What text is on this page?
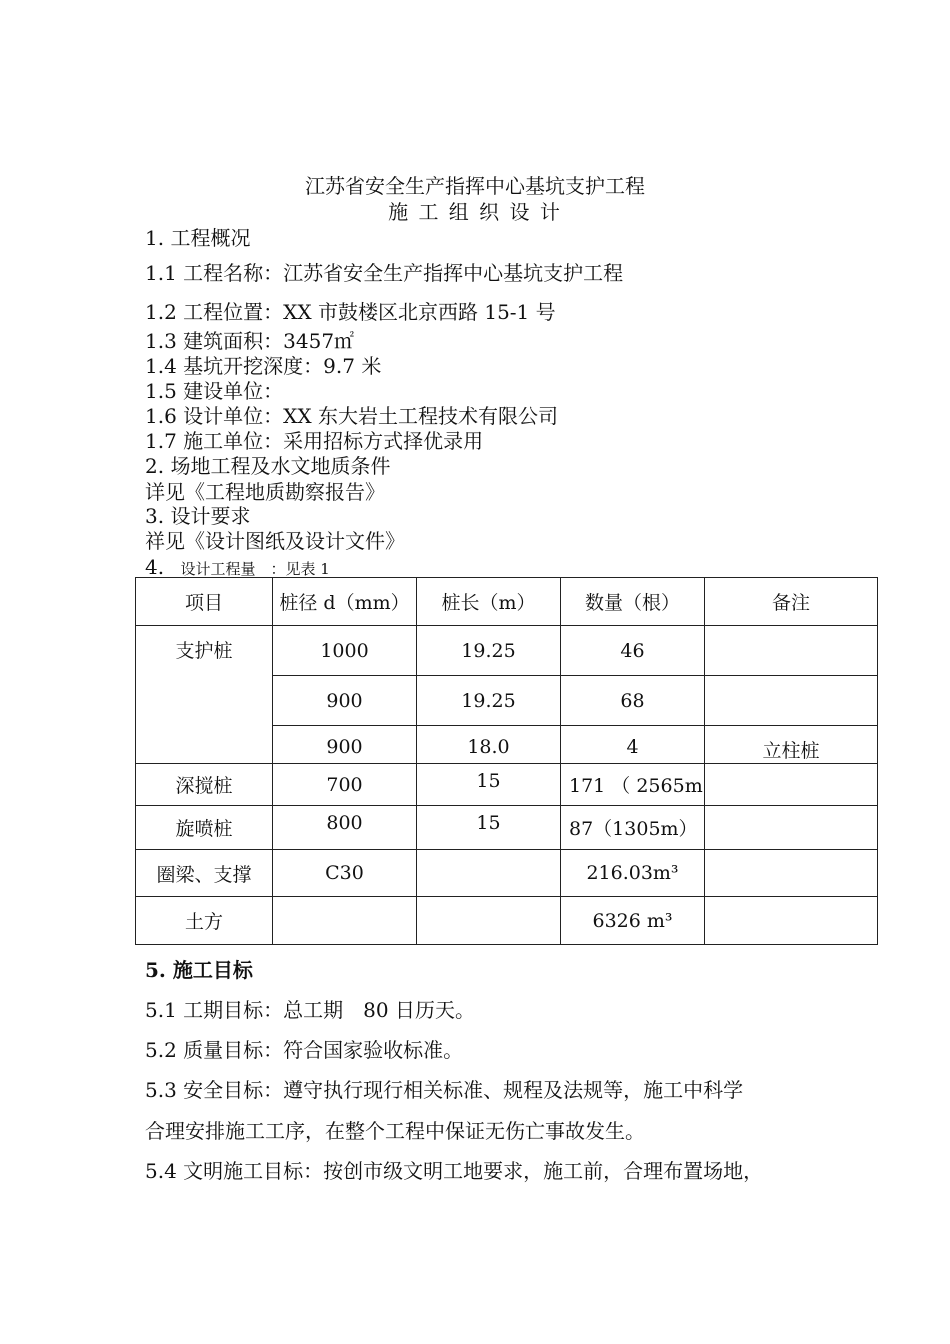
江苏省安全生产指挥中心基坑支护工程
施 工 组 织 设 计
1. 工程概况
1.1 工程名称：江苏省安全生产指挥中心基坑支护工程
1.2 工程位置：XX 市鼓楼区北京西路 15-1 号
1.3 建筑面积：3457㎡
1.4 基坑开挖深度：9.7 米
1.5 建设单位：
1.6 设计单位：XX 东大岩土工程技术有限公司
1.7 施工单位：采用招标方式择优录用
2. 场地工程及水文地质条件
详见《工程地质勘察报告》
3. 设计要求
祥见《设计图纸及设计文件》
4. 设计工程量　：见表 1
项目	桩径 d（mm）	桩长（m）	数量（根）	备注
支护桩	1000	19.25	46	
	900	19.25	68	
	900	18.0	4	立柱桩
深搅桩	700	15	171 （ 2565m	
旋喷桩	800	15	87（1305m）	
圈梁、支撑	C30		216.03m³	
土方			6326 m³	
5. 施工目标
5.1 工期目标：总工期　80 日历天。
5.2 质量目标：符合国家验收标准。
5.3 安全目标：遵守执行现行相关标准、规程及法规等，施工中科学
合理安排施工工序，在整个工程中保证无伤亡事故发生。
5.4 文明施工目标：按创市级文明工地要求，施工前，合理布置场地，
